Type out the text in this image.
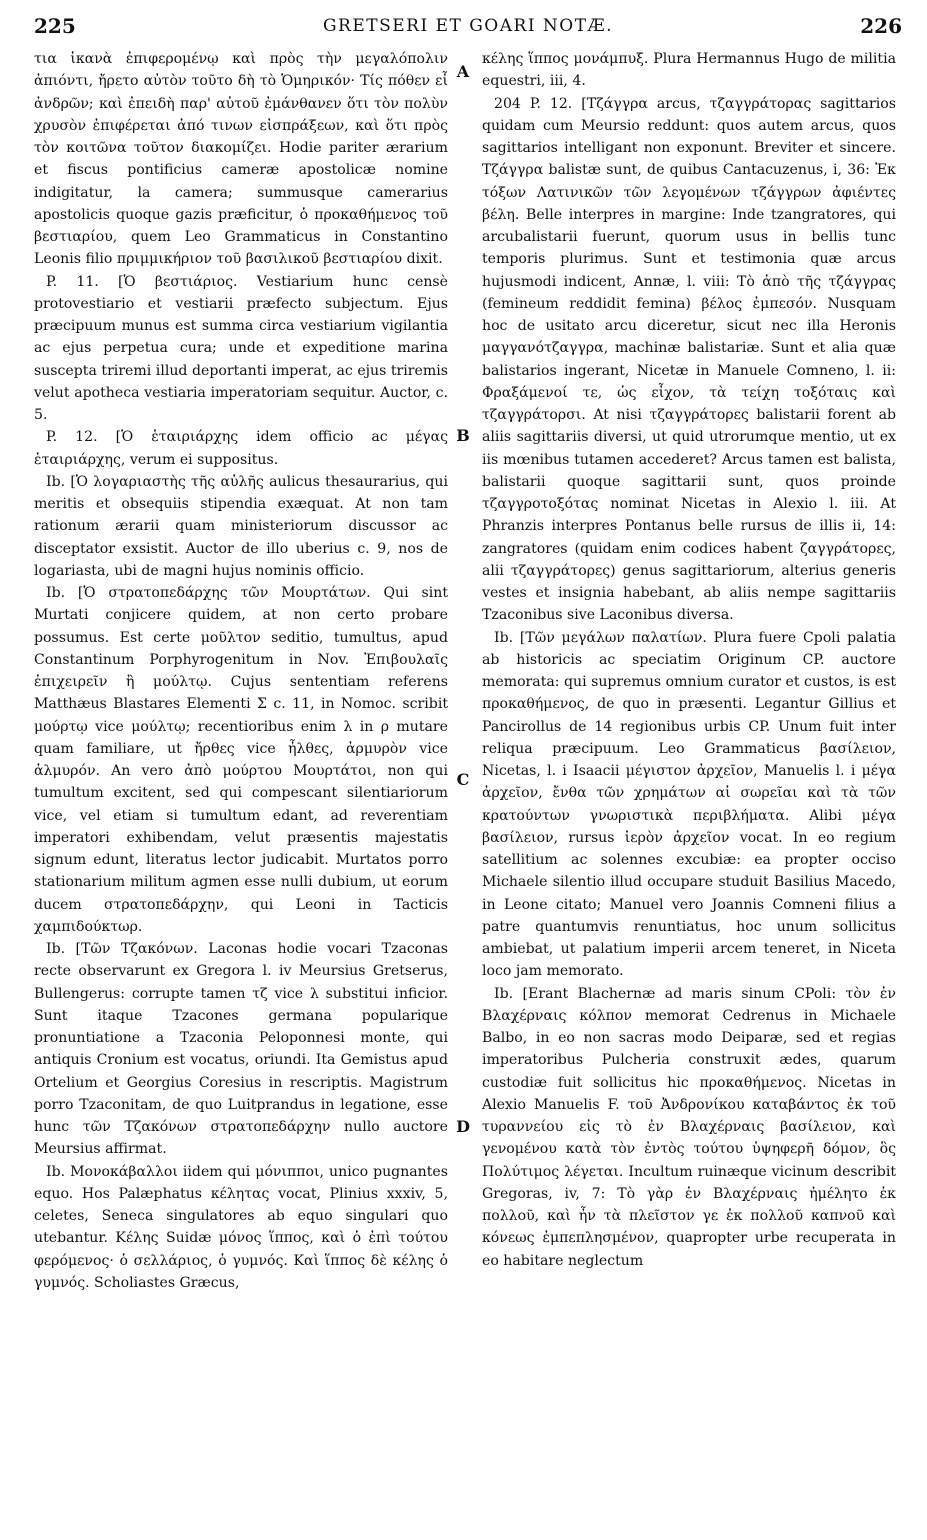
225	GRETSERI ET GOARI NOTÆ.	226

τια ἱκανὰ ἐπιφερομένῳ καὶ πρὸς τὴν μεγαλόπολιν ἀπιόντι, ἤρετο αὐτὸν τοῦτο δὴ τὸ Ὁμηρικόν· Τίς πόθεν εἶ ἀνδρῶν; καὶ ἐπειδὴ παρ' αὐτοῦ ἐμάνθανεν ὅτι τὸν πολὺν χρυσὸν ἐπιφέρεται ἀπό τινων εἰσπράξεων, καὶ ὅτι πρὸς τὸν κοιτῶνα τοῦτον διακομίζει. Hodie pariter ærarium et fiscus pontificius cameræ apostolicæ nomine indigitatur, la camera; summusque camerarius apostolicis quoque gazis præficitur, ὁ προκαθήμενος τοῦ βεστιαρίου, quem Leo Grammaticus in Constantino Leonis filio πριμμικήριον τοῦ βασιλικοῦ βεστιαρίου dixit.

P. 11. [Ὁ βεστιάριος. Vestiarium hunc censè protovestiario et vestiarii præfecto subjectum. Ejus præcipuum munus est summa circa vestiarium vigilantia ac ejus perpetua cura; unde et expeditione marina suscepta triremi illud deportanti imperat, ac ejus triremis velut apotheca vestiaria imperatoriam sequitur. Auctor, c. 5.

P. 12. [Ὁ ἑταιριάρχης idem officio ac μέγας ἑταιριάρχης, verum ei suppositus.

Ib. [Ὁ λογαριαστὴς τῆς αὐλῆς aulicus thesaurarius, qui meritis et obsequiis stipendia exæquat. At non tam rationum ærarii quam ministeriorum discussor ac disceptator exsistit. Auctor de illo uberius c. 9, nos de logariasta, ubi de magni hujus nominis officio.

Ib. [Ὁ στρατοπεδάρχης τῶν Μουρτάτων. Qui sint Murtati conjicere quidem, at non certo probare possumus. Est certe μοῦλτον seditio, tumultus, apud Constantinum Porphyrogenitum in Nov. Ἐπιβουλαῖς ἐπιχειρεῖν ἢ μούλτῳ. Cujus sententiam referens Matthæus Blastares Elementi Σ c. 11, in Nomoc. scribit μούρτῳ vice μούλτῳ; recentioribus enim λ in ρ mutare quam familiare, ut ἤρθες vice ἦλθες, ἀρμυρὸν vice ἁλμυρόν. An vero ἀπὸ μούρτου Μουρτάτοι, non qui tumultum excitent, sed qui compescant silentiariorum vice, vel etiam si tumultum edant, ad reverentiam imperatori exhibendam, velut præsentis majestatis signum edunt, literatus lector judicabit. Murtatos porro stationarium militum agmen esse nulli dubium, ut eorum ducem στρατοπεδάρχην, qui Leoni in Tacticis χαμπιδούκτωρ.

Ib. [Τῶν Τζακόνων. Laconas hodie vocari Tzaconas recte observarunt ex Gregora l. iv Meursius Gretserus, Bullengerus: corrupte tamen τζ vice λ substitui inficior. Sunt itaque Tzacones germana popularique pronuntiatione a Tzaconia Peloponnesi monte, qui antiquis Cronium est vocatus, oriundi. Ita Gemistus apud Ortelium et Georgius Coresius in rescriptis. Magistrum porro Tzaconitam, de quo Luitprandus in legatione, esse hunc τῶν Τζακόνων στρατοπεδάρχην nullo auctore Meursius affirmat.

Ib. Μονοκάβαλλοι iidem qui μόνιπποι, unico pugnantes equo. Hos Palæphatus κέλητας vocat, Plinius xxxiv, 5, celetes, Seneca singulatores ab equo singulari quo utebantur. Κέλης Suidæ μόνος ἵππος, καὶ ὁ ἐπὶ τούτου φερόμενος· ὁ σελλάριος, ὁ γυμνός. Καὶ ἵππος δὲ κέλης ὁ γυμνός. Scholiastes Græcus,

A
B
C
D

κέλης ἵππος μονάμπυξ. Plura Hermannus Hugo de militia equestri, iii, 4.

204 P. 12. [Τζάγγρα arcus, τζαγγράτορας sagittarios quidam cum Meursio reddunt: quos autem arcus, quos sagittarios intelligant non exponunt. Breviter et sincere. Τζάγγρα balistæ sunt, de quibus Cantacuzenus, i, 36: Ἐκ τόξων Λατινικῶν τῶν λεγομένων τζάγγρων ἀφιέντες βέλη. Belle interpres in margine: Inde tzangratores, qui arcubalistarii fuerunt, quorum usus in bellis tunc temporis plurimus. Sunt et testimonia quæ arcus hujusmodi indicent, Annæ, l. viii: Τὸ ἀπὸ τῆς τζάγγρας (femineum reddidit femina) βέλος ἐμπεσόν. Nusquam hoc de usitato arcu diceretur, sicut nec illa Heronis μαγγανότζαγγρα, machinæ balistariæ. Sunt et alia quæ balistarios ingerant, Nicetæ in Manuele Comneno, l. ii: Φραξάμενοί τε, ὡς εἶχον, τὰ τείχη τοξόταις καὶ τζαγγράτορσι. At nisi τζαγγράτορες balistarii forent ab aliis sagittariis diversi, ut quid utrorumque mentio, ut ex iis mœnibus tutamen accederet? Arcus tamen est balista, balistarii quoque sagittarii sunt, quos proinde τζαγγροτοξότας nominat Nicetas in Alexio l. iii. At Phranzis interpres Pontanus belle rursus de illis ii, 14: zangratores (quidam enim codices habent ζαγγράτορες, alii τζαγγράτορες) genus sagittariorum, alterius generis vestes et insignia habebant, ab aliis nempe sagittariis Tzaconibus sive Laconibus diversa.

Ib. [Τῶν μεγάλων παλατίων. Plura fuere Cpoli palatia ab historicis ac speciatim Originum CP. auctore memorata: qui supremus omnium curator et custos, is est προκαθήμενος, de quo in præsenti. Legantur Gillius et Pancirollus de 14 regionibus urbis CP. Unum fuit inter reliqua præcipuum. Leo Grammaticus βασίλειον, Nicetas, l. i Isaacii μέγιστον ἀρχεῖον, Manuelis l. i μέγα ἀρχεῖον, ἔνθα τῶν χρημάτων αἱ σωρεῖαι καὶ τὰ τῶν κρατούντων γνωριστικὰ περιβλήματα. Alibi μέγα βασίλειον, rursus ἱερὸν ἀρχεῖον vocat. In eo regium satellitium ac solennes excubiæ: ea propter occiso Michaele silentio illud occupare studuit Basilius Macedo, in Leone citato; Manuel vero Joannis Comneni filius a patre quantumvis renuntiatus, hoc unum sollicitus ambiebat, ut palatium imperii arcem teneret, in Niceta loco jam memorato.

Ib. [Erant Blachernæ ad maris sinum CPoli: τὸν ἐν Βλαχέρναις κόλπον memorat Cedrenus in Michaele Balbo, in eo non sacras modo Deiparæ, sed et regias imperatoribus Pulcheria construxit ædes, quarum custodiæ fuit sollicitus hic προκαθήμενος. Nicetas in Alexio Manuelis F. τοῦ Ἀνδρονίκου καταβάντος ἐκ τοῦ τυραννείου εἰς τὸ ἐν Βλαχέρναις βασίλειον, καὶ γενομένου κατὰ τὸν ἐντὸς τούτου ὑψηφερῆ δόμον, ὃς Πολύτιμος λέγεται. Incultum ruinæque vicinum describit Gregoras, iv, 7: Τὸ γὰρ ἐν Βλαχέρναις ἠμέλητο ἐκ πολλοῦ, καὶ ἦν τὰ πλεῖστον γε ἐκ πολλοῦ καπνοῦ καὶ κόνεως ἐμπεπλησμένον, quapropter urbe recuperata in eo habitare neglectum
